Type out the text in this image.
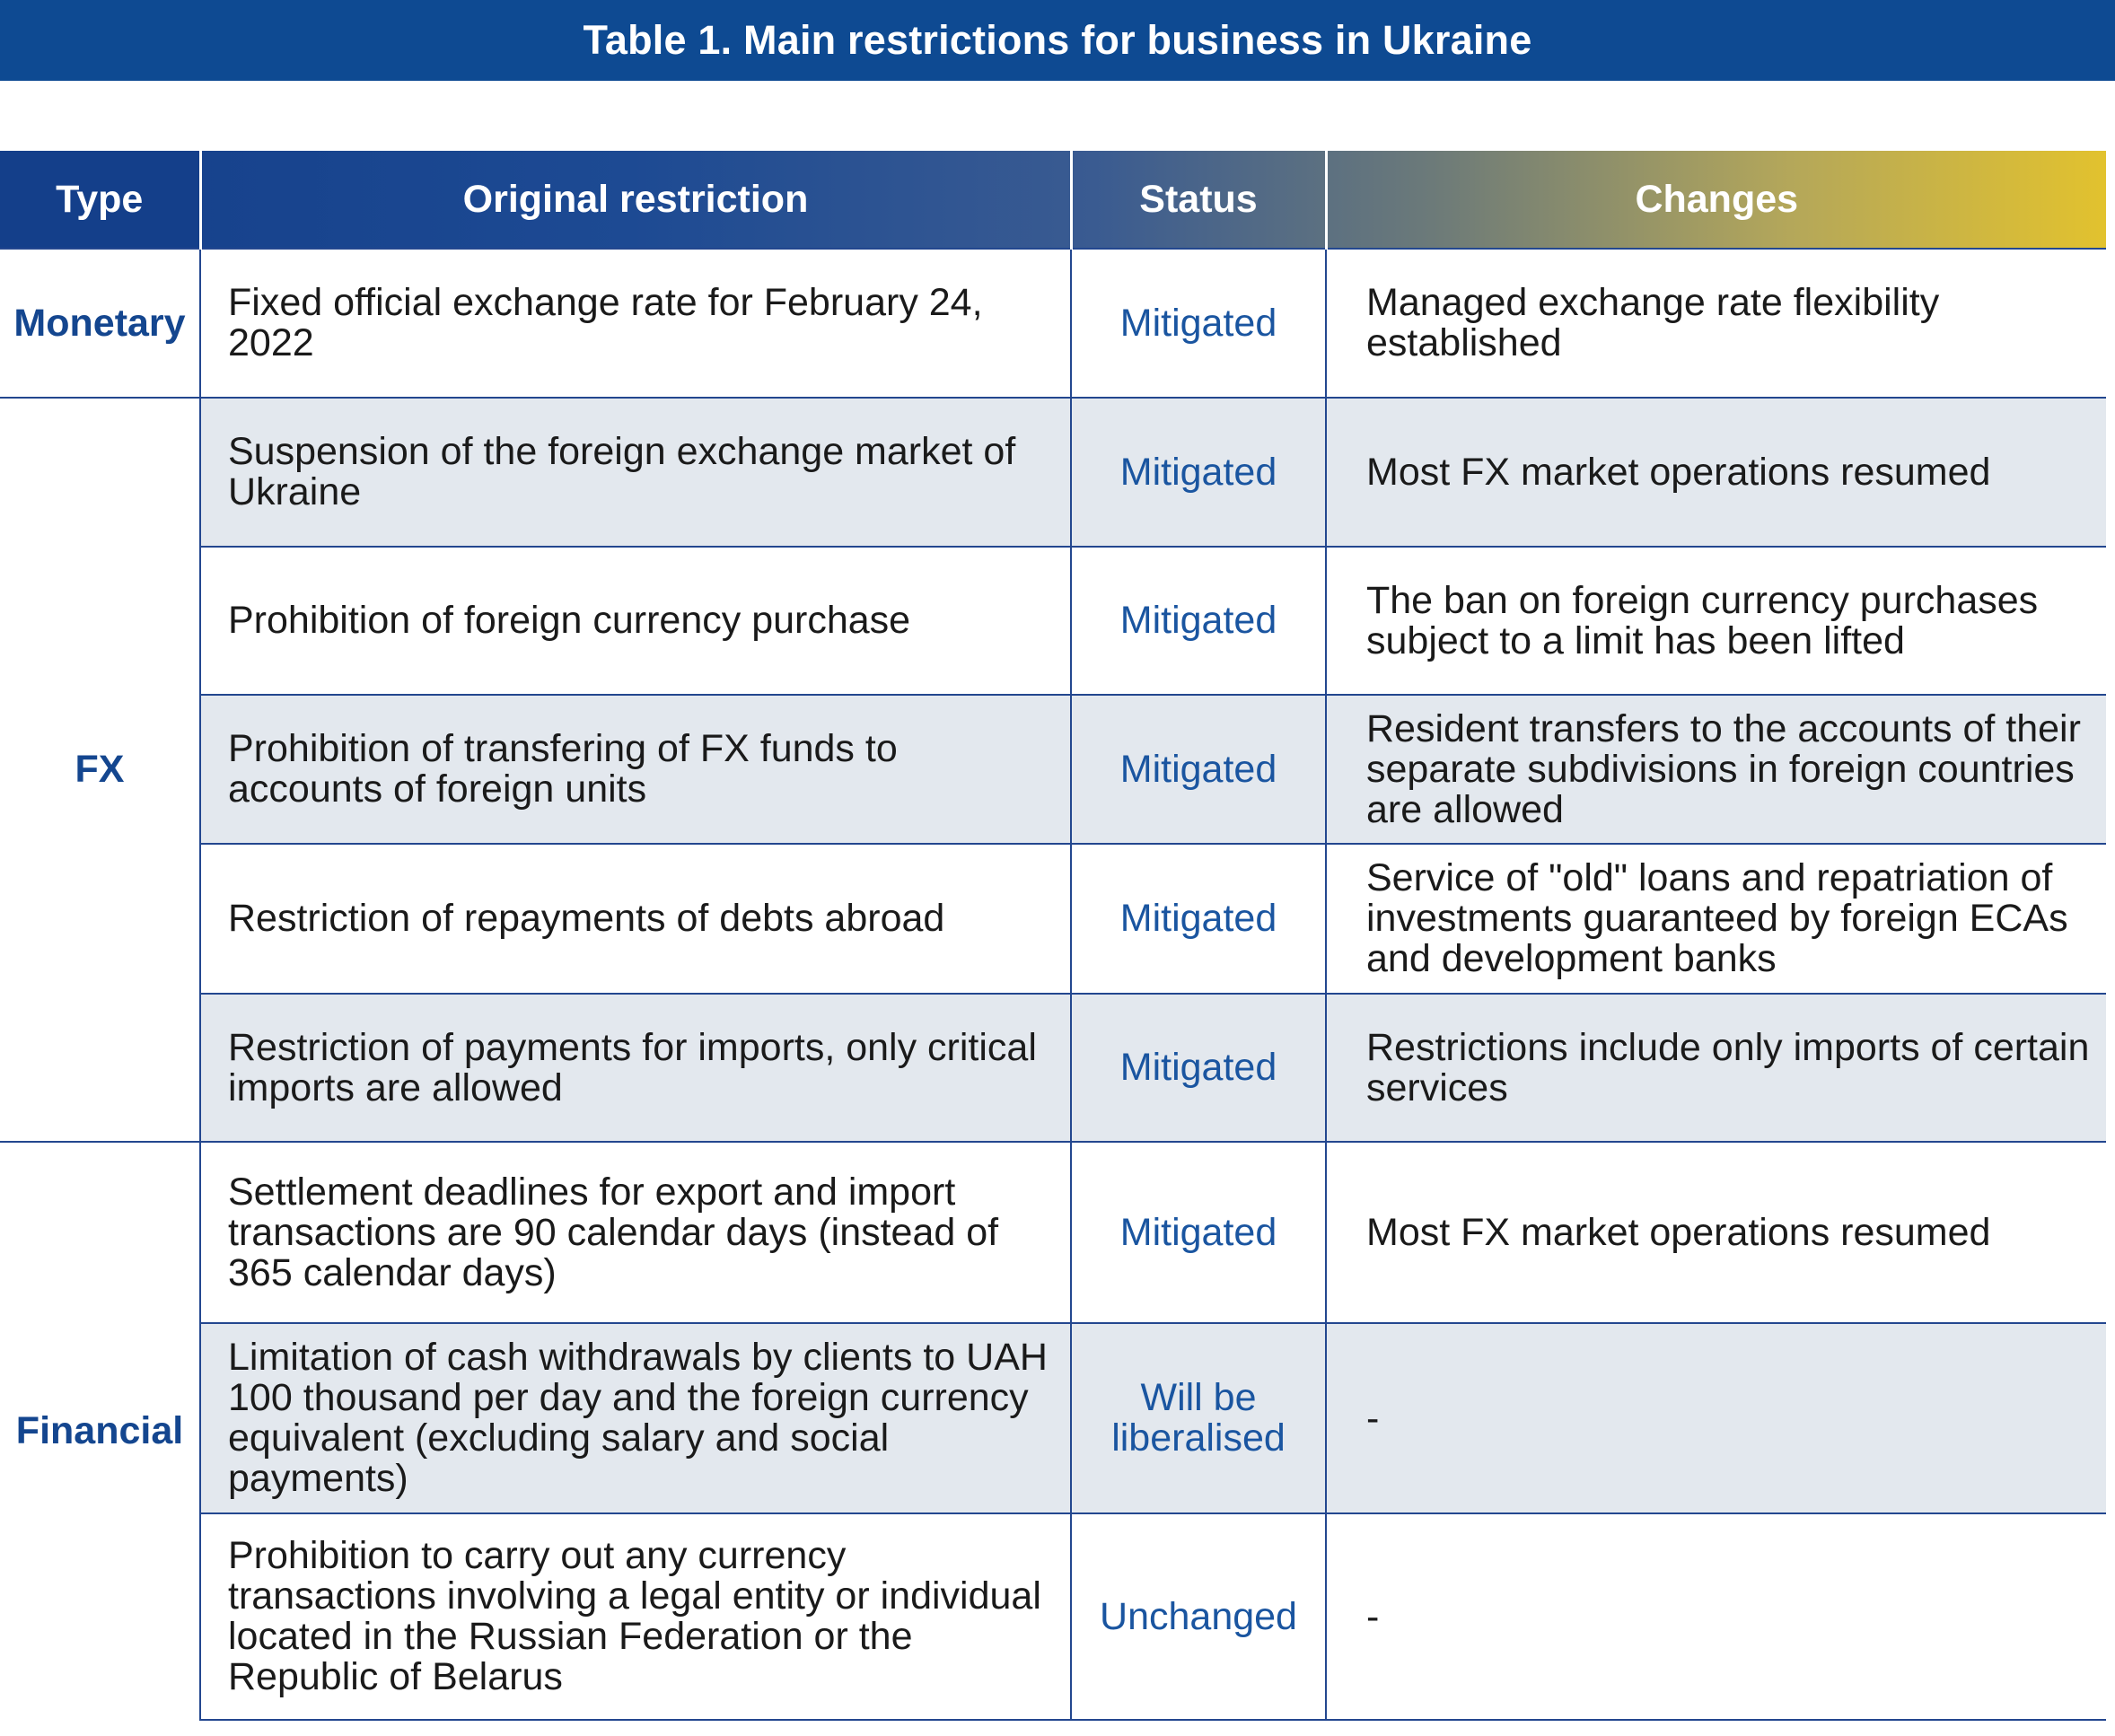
Table 1. Main restrictions for business in Ukraine
Type	Original restriction	Status	Changes
Monetary	Fixed official exchange rate for February 24, 2022	Mitigated	Managed exchange rate flexibility established
FX	Suspension of the foreign exchange market of Ukraine	Mitigated	Most FX market operations resumed
	Prohibition of foreign currency purchase	Mitigated	The ban on foreign currency purchases subject to a limit has been lifted
	Prohibition of transfering of FX funds to accounts of foreign units	Mitigated	Resident transfers to the accounts of their separate subdivisions in foreign countries are allowed
	Restriction of repayments of debts abroad	Mitigated	Service of "old" loans and repatriation of investments guaranteed by foreign ECAs and development banks
	Restriction of payments for imports, only critical imports are allowed	Mitigated	Restrictions include only imports of certain services
Financial	Settlement deadlines for export and import transactions are 90 calendar days (instead of 365 calendar days)	Mitigated	Most FX market operations resumed
	Limitation of cash withdrawals by clients to UAH 100 thousand per day and the foreign currency equivalent (excluding salary and social payments)	Will be liberalised	-
	Prohibition to carry out any currency transactions involving a legal entity or individual located in the Russian Federation or the Republic of Belarus	Unchanged	-
